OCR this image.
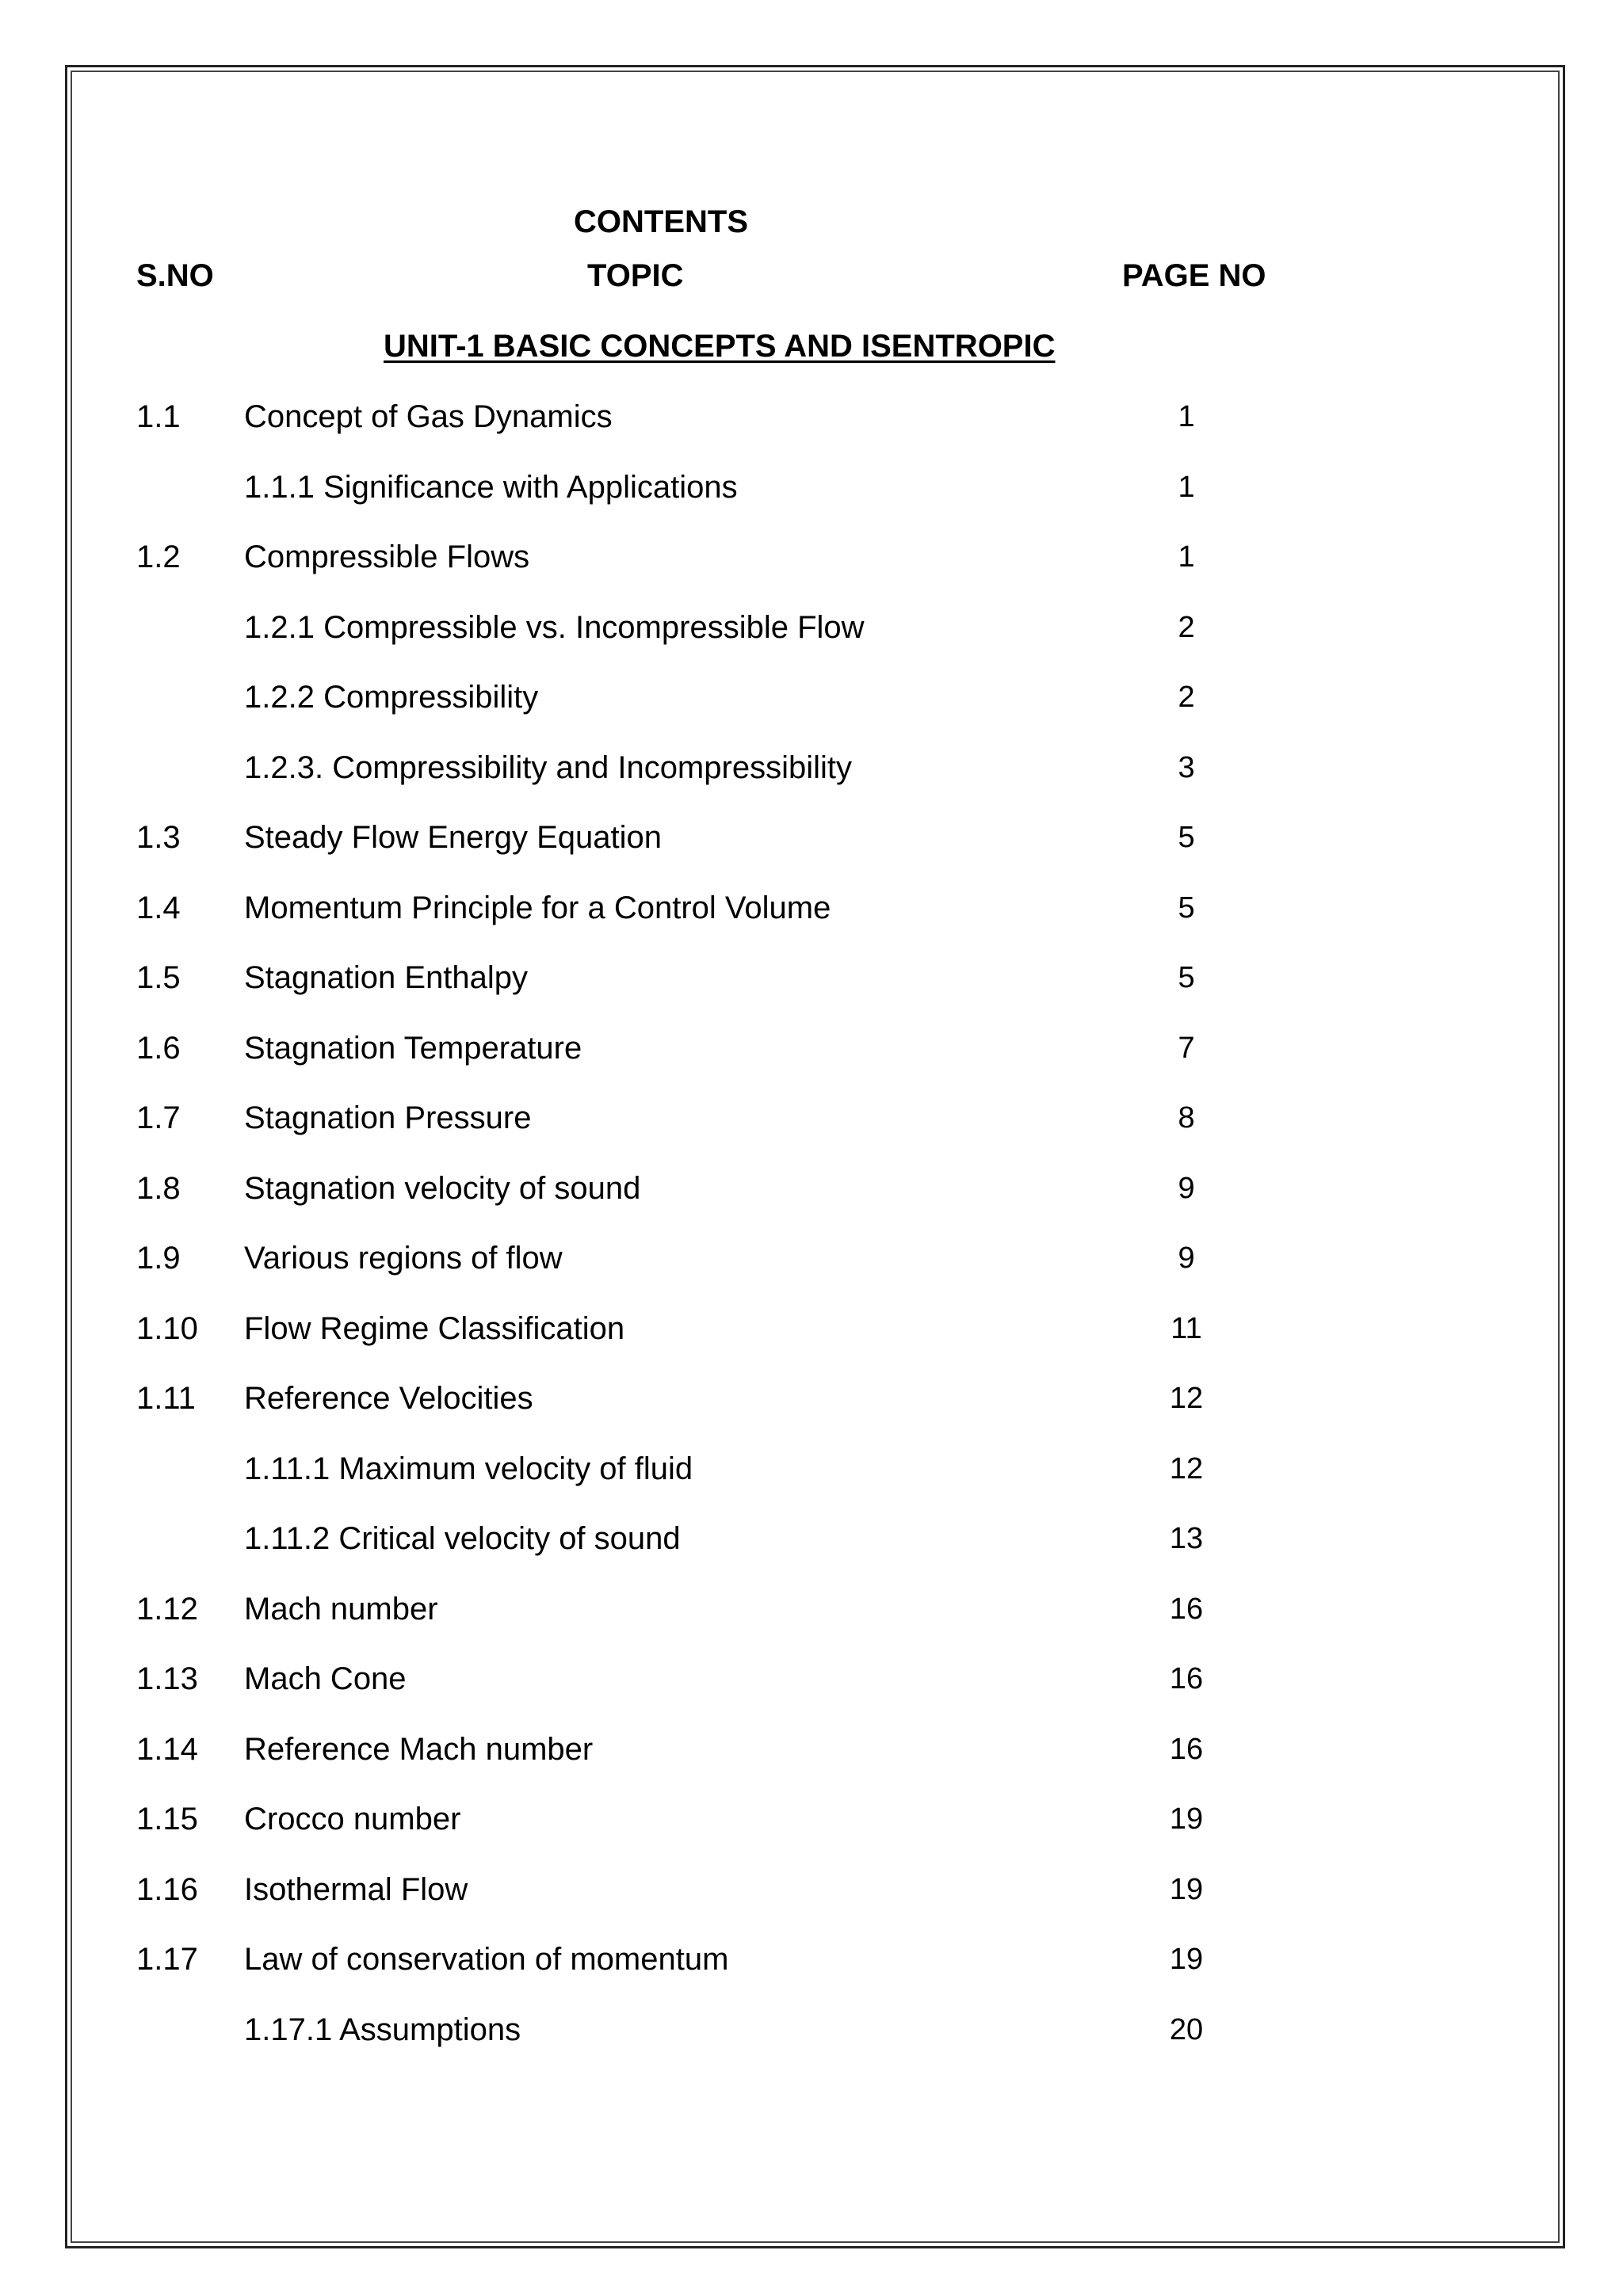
CONTENTS
S.NO	TOPIC	PAGE NO
UNIT-1 BASIC CONCEPTS AND ISENTROPIC
1.1 Concept of Gas Dynamics	1
1.1.1 Significance with Applications	1
1.2 Compressible Flows	1
1.2.1 Compressible vs. Incompressible Flow	2
1.2.2 Compressibility	2
1.2.3. Compressibility and Incompressibility	3
1.3 Steady Flow Energy Equation	5
1.4 Momentum Principle for a Control Volume	5
1.5 Stagnation Enthalpy	5
1.6 Stagnation Temperature	7
1.7 Stagnation Pressure	8
1.8 Stagnation velocity of sound	9
1.9 Various regions of flow	9
1.10 Flow Regime Classification	11
1.11 Reference Velocities	12
1.11.1 Maximum velocity of fluid	12
1.11.2 Critical velocity of sound	13
1.12 Mach number	16
1.13 Mach Cone	16
1.14 Reference Mach number	16
1.15 Crocco number	19
1.16 Isothermal Flow	19
1.17 Law of conservation of momentum	19
1.17.1 Assumptions	20
